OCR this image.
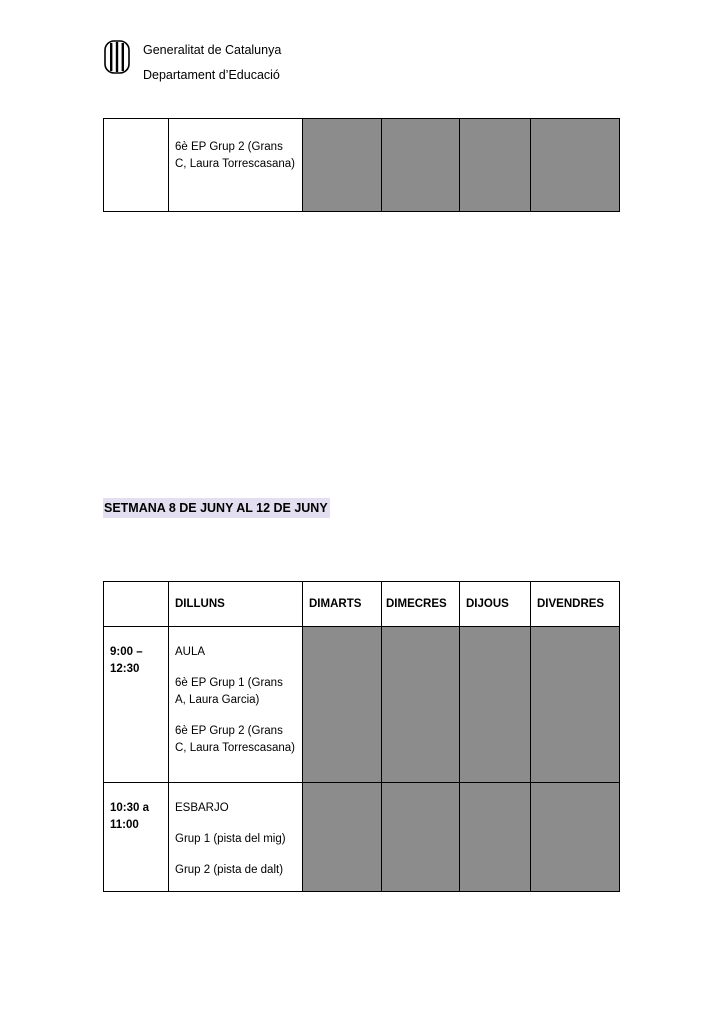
Generalitat de Catalunya
Departament d’Educació

6è EP Grup 2 (Grans C, Laura Torrescasana)

SETMANA 8 DE JUNY AL 12 DE JUNY

	DILLUNS	DIMARTS	DIMECRES	DIJOUS	DIVENDRES

9:00 – 12:30	AULA

6è EP Grup 1 (Grans A, Laura Garcia)

6è EP Grup 2 (Grans C, Laura Torrescasana)				

10:30 a 11:00	ESBARJO

Grup 1 (pista del mig)

Grup 2 (pista de dalt)				
